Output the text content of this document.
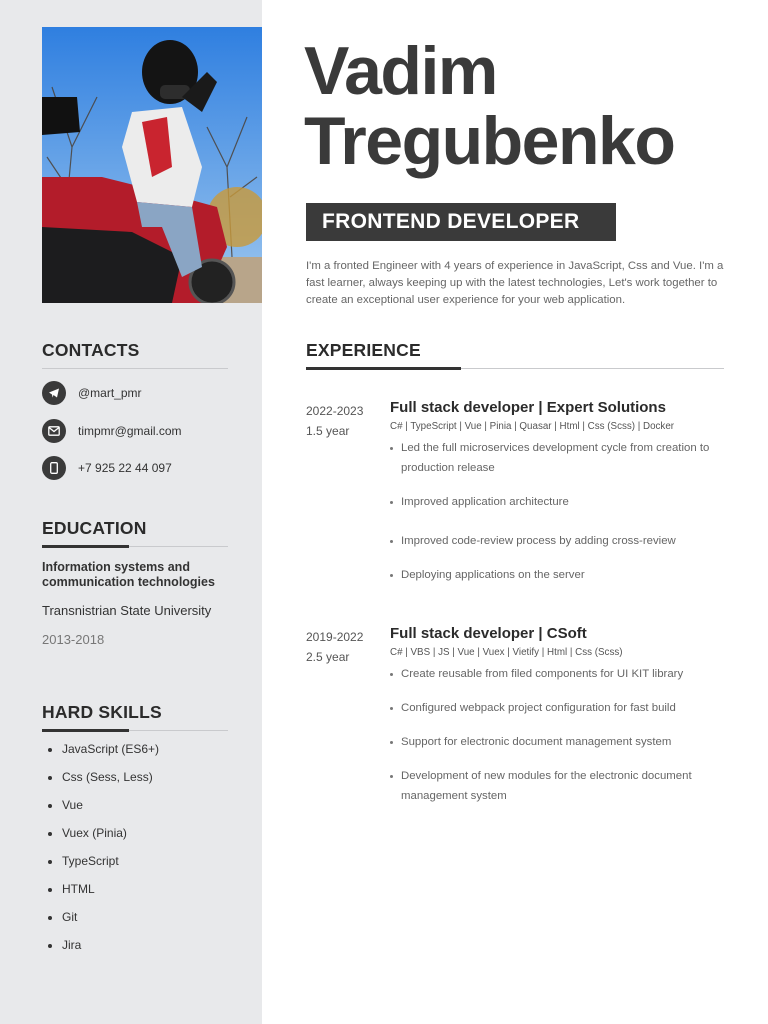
CONTACTS
@mart_pmr
timpmr@gmail.com
+7 925 22 44 097
EDUCATION
Information systems and communication technologies
Transnistrian State University
2013-2018
HARD SKILLS
JavaScript (ES6+)
Css (Sess, Less)
Vue
Vuex (Pinia)
TypeScript
HTML
Git
Jira
Vadim
Tregubenko
FRONTEND DEVELOPER
I'm a fronted Engineer with 4 years of experience in JavaScript, Css and Vue. I'm a fast learner, always keeping up with the latest technologies, Let's work together to create an exceptional user experience for your web application.
EXPERIENCE
2022-2023
1.5 year
Full stack developer | Expert Solutions
C# | TypeScript | Vue | Pinia | Quasar | Html | Css (Scss) | Docker
Led the full microservices development cycle from creation to production release
Improved application architecture
Improved code-review process by adding cross-review
Deploying applications on the server
2019-2022
2.5 year
Full stack developer | CSoft
C# | VBS | JS | Vue | Vuex | Vietify | Html | Css (Scss)
Create reusable from filed components for UI KIT library
Configured webpack project configuration for fast build
Support for electronic document management system
Development of new modules for the electronic document management system
